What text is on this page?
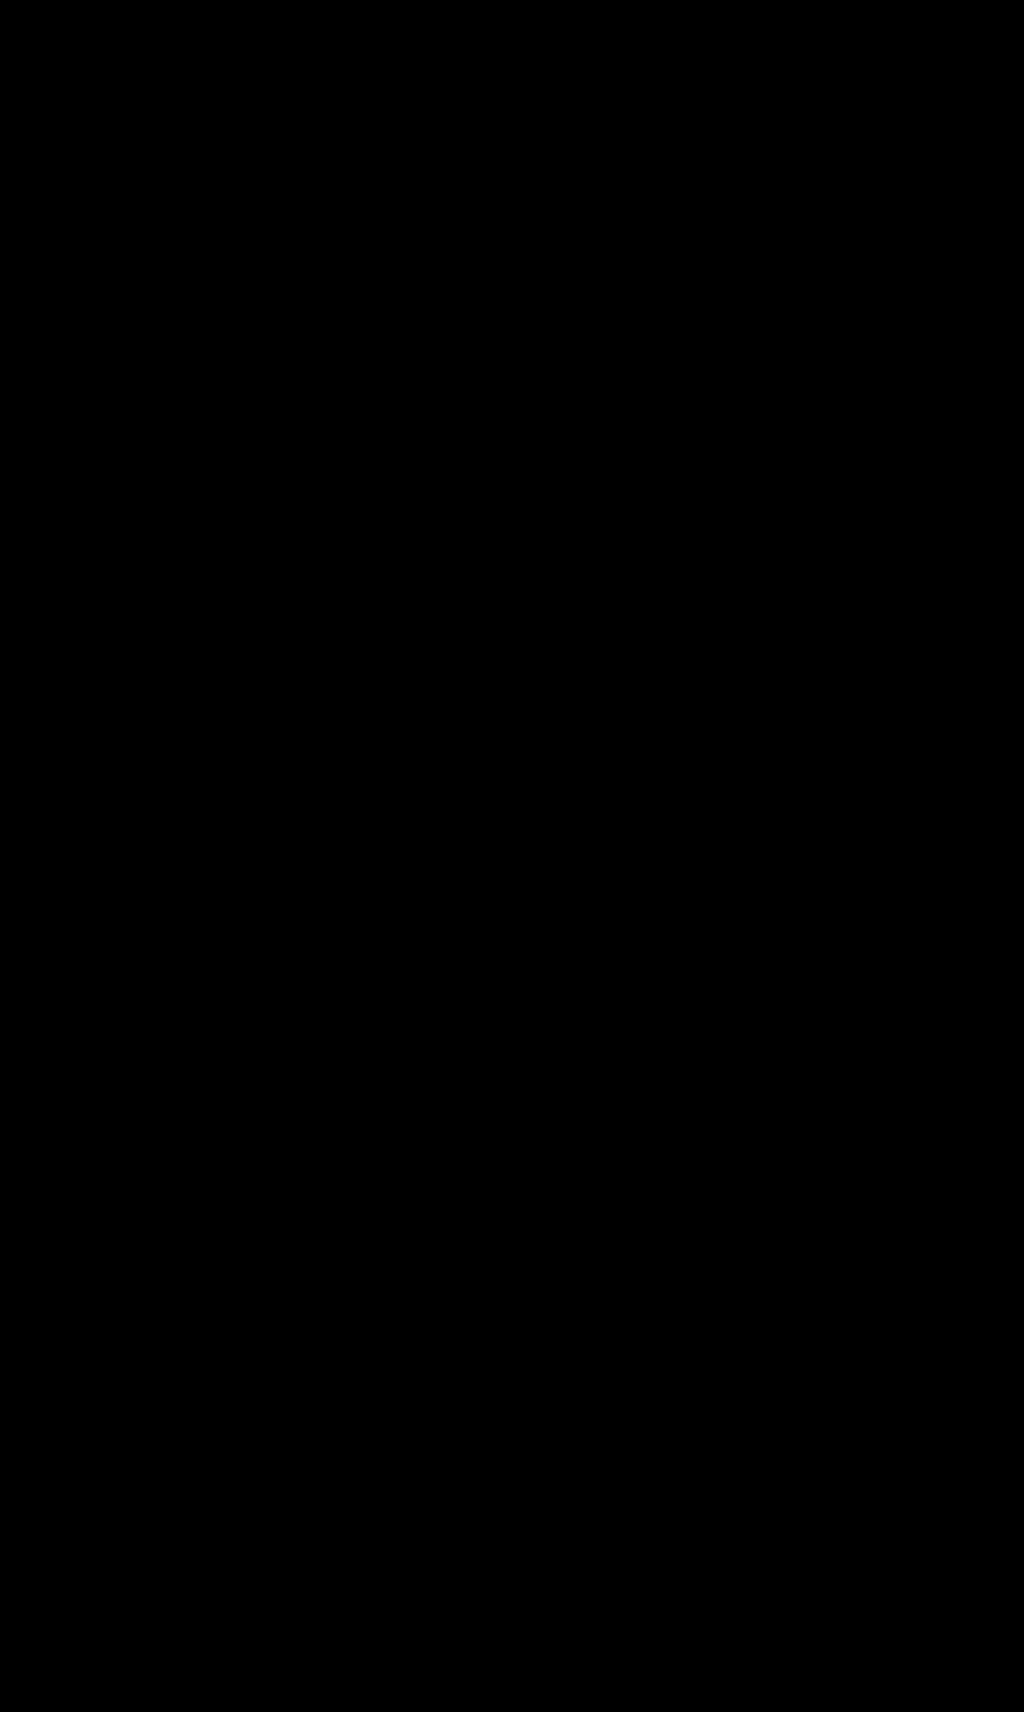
d)	8.356.540 (osiem milionów trzysta pięćdziesiąt sześć tysięcy pięćset
czterdzieści) akcji serii C o wartości nominalnej 10 gr. (dziesięć groszy) każda;
e)	9.961.620 (dziewięć milionów dziewięćset sześćdziesiąt jeden tysięcy sześćset
dwadzieścia) akcji serii D o wartości nominalnej 10 gr. (dziesięć groszy) każda;
f)	39.689.150 (trzydzieści dziewięć milionów sześćset osiemdziesiąt dziewięć
tysięcy sto pięćdziesiąt) akcji E o wartości nominalnej 10 gr. (dziesięć groszy)
każda;
g)	3.571.790 (trzy miliony pięćset siedemdziesiąt jeden tysięcy siedemset
dziewięćdziesiąt) akcji serii F o wartości nominalnej 10 gr. (dziesięć groszy)
każda;
h)	17.120.000 (siedemnaście milionów sto dwadzieścia tysięcy) akcji serii G o
wartości nominalnej 10 gr. (dziesięć groszy) każda;
i)	100.000.000 (sto milionów) akcji zwykłych na okaziciela serii I o wartości
nominalnej 10 gr. (dziesięć groszy) każda;
j)	31.937.298 (trzydzieści jeden milionów dziewięćset trzydzieści siedem tysięcy
dwieście dziewięćdziesiąt osiem) akcji zwykłych na okaziciela serii J o wartości
nominalnej 10 gr. (dziesięć groszy) każda;
k)	108.906.190 (sto osiem milionów dziewięćset sześć tysięcy sto
dziewięćdziesiąt) akcji zwykłych na okaziciela serii K o wartości nominalnej
10 gr. (dziesięć groszy) każda
l)	10.087.026 (dziesięć milionów osiemdziesiąt siedem tysięcy dwadzieścia
sześć) akcji zwykłych na okaziciela serii L o wartości nominalnej 10 gr.
(dziesięć groszy) każda ; oraz
m)	13.233.492 (słownie: trzynaście milionów dwieście trzydzieści trzy tysiące
czterysta dziewięćdziesiąt dwie) akcje zwykłe na okaziciela serii M o wartości
nominalnej 10 gr. (dziesięć groszy) każda.
3	Pokrycie kapitału zakładowego może nastąpić przez przeniesienie do niego środków z
kapitału zapasowego, rezerwowego lub innych kapitałów lub funduszy celowych
powstałych z odpisów z czystego zysku lub ze środków pochodzących z nadwyżki z
wpływów z emisji nad łączną wartością nominalną emitowanych akcji.
4	Akcjonariuszom przysługuje prawo poboru w stosunku do akcji nowych emisji, z
zastrzeżeniem możliwości pozbawienia prawa poboru w trybie Art. 433 § 2 Kodeksu
spółek handlowych.
5	Akcje mogą być umarzane w drodze obniżenia kapitału zakładowego lub z czystego
zysku, pod warunkiem uzyskania uprzednio pisemnej zgody każdego z Akcjonariuszy,
którego akcje mają zostać umorzone.
6	Wszystkie akcje są akcjami zwykłymi. Na każdą akcję przypada 1 (jeden) głos na
Walnym Zgromadzeniu.
7	Akcje na okaziciela nie mogą być zamienione na akcje imienne.
8	Spółka może emitować obligacje, łącznie z obligacjami zamiennymi na akcje.
3
